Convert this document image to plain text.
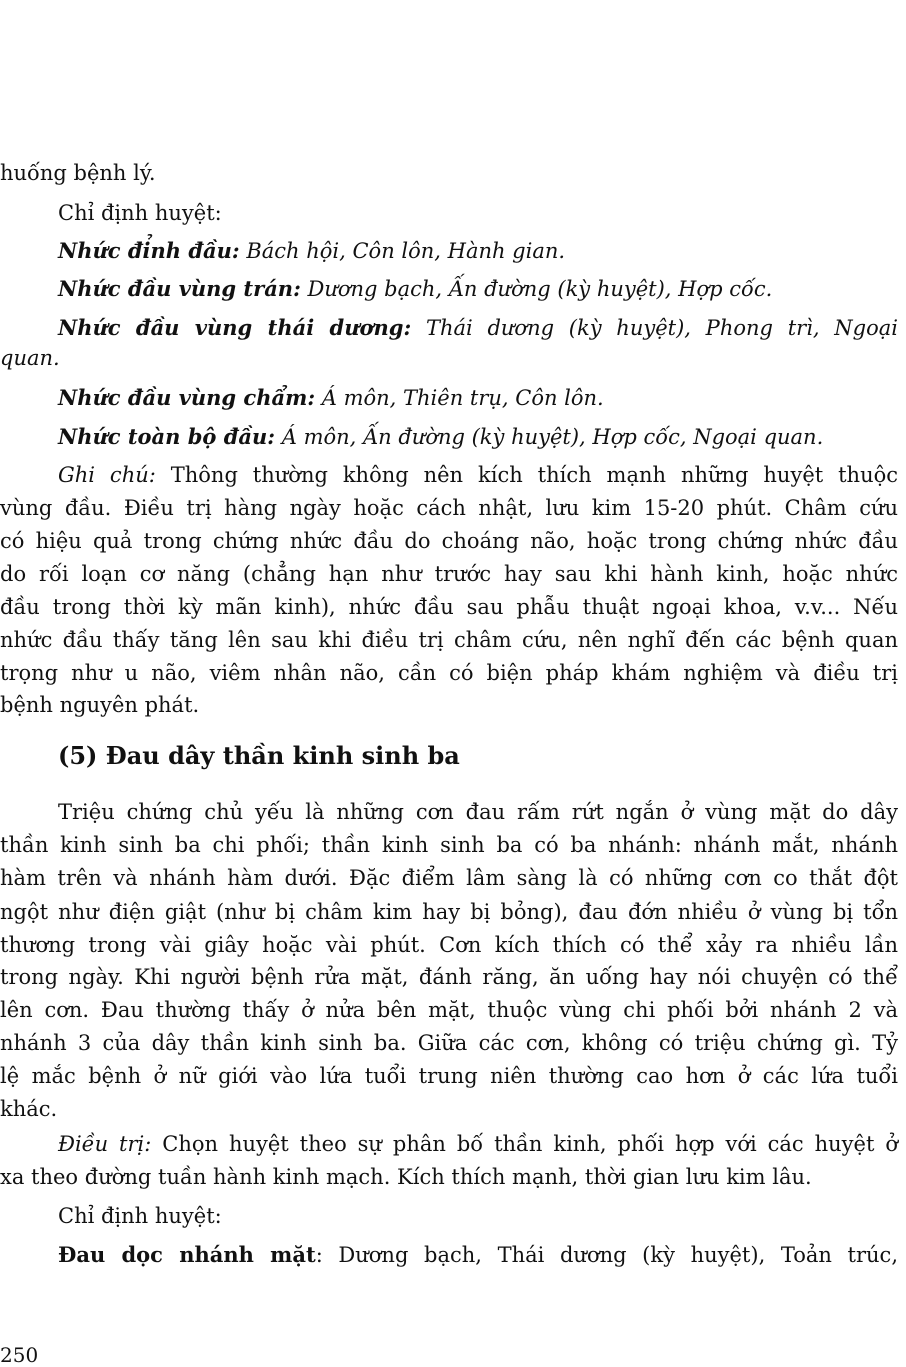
huống bệnh lý.
Chỉ định huyệt:
Nhức đỉnh đầu: Bách hội, Côn lôn, Hành gian.
Nhức đầu vùng trán: Dương bạch, Ấn đường (kỳ huyệt), Hợp cốc.
Nhức đầu vùng thái dương: Thái dương (kỳ huyệt), Phong trì, Ngoại
quan.
Nhức đầu vùng chẩm: Á môn, Thiên trụ, Côn lôn.
Nhức toàn bộ đầu: Á môn, Ấn đường (kỳ huyệt), Hợp cốc, Ngoại quan.
Ghi chú: Thông thường không nên kích thích mạnh những huyệt thuộc
vùng đầu. Điều trị hàng ngày hoặc cách nhật, lưu kim 15-20 phút. Châm cứu
có hiệu quả trong chứng nhức đầu do choáng não, hoặc trong chứng nhức đầu
do rối loạn cơ năng (chẳng hạn như trước hay sau khi hành kinh, hoặc nhức
đầu trong thời kỳ mãn kinh), nhức đầu sau phẫu thuật ngoại khoa, v.v... Nếu
nhức đầu thấy tăng lên sau khi điều trị châm cứu, nên nghĩ đến các bệnh quan
trọng như u não, viêm nhân não, cần có biện pháp khám nghiệm và điều trị
bệnh nguyên phát.
(5) Đau dây thần kinh sinh ba
Triệu chứng chủ yếu là những cơn đau rấm rứt ngắn ở vùng mặt do dây
thần kinh sinh ba chi phối; thần kinh sinh ba có ba nhánh: nhánh mắt, nhánh
hàm trên và nhánh hàm dưới. Đặc điểm lâm sàng là có những cơn co thắt đột
ngột như điện giật (như bị châm kim hay bị bỏng), đau đớn nhiều ở vùng bị tổn
thương trong vài giây hoặc vài phút. Cơn kích thích có thể xảy ra nhiều lần
trong ngày. Khi người bệnh rửa mặt, đánh răng, ăn uống hay nói chuyện có thể
lên cơn. Đau thường thấy ở nửa bên mặt, thuộc vùng chi phối bởi nhánh 2 và
nhánh 3 của dây thần kinh sinh ba. Giữa các cơn, không có triệu chứng gì. Tỷ
lệ mắc bệnh ở nữ giới vào lứa tuổi trung niên thường cao hơn ở các lứa tuổi
khác.
Điều trị: Chọn huyệt theo sự phân bố thần kinh, phối hợp với các huyệt ở
xa theo đường tuần hành kinh mạch. Kích thích mạnh, thời gian lưu kim lâu.
Chỉ định huyệt:
Đau dọc nhánh mặt: Dương bạch, Thái dương (kỳ huyệt), Toản trúc,
250
